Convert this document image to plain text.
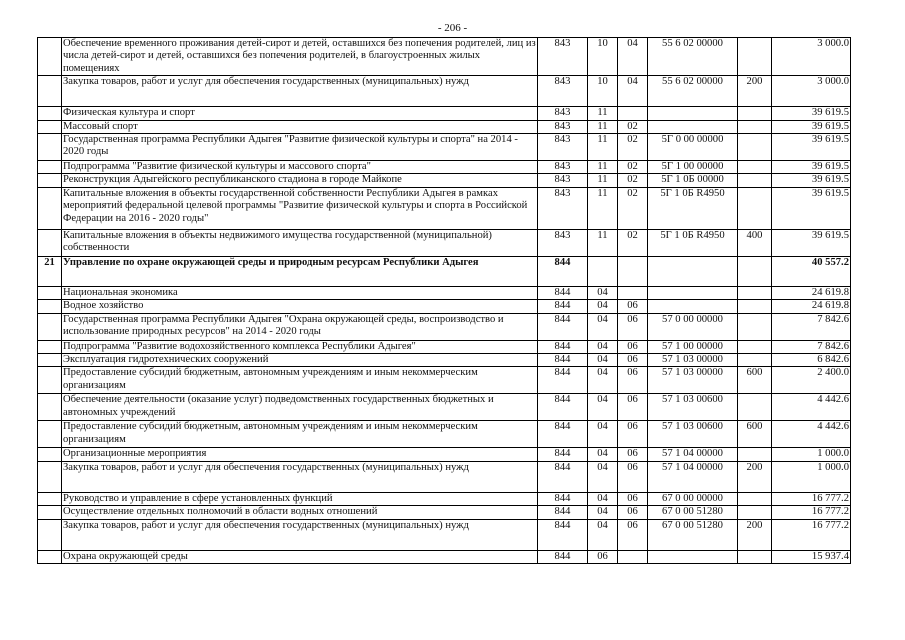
- 206 -
	Обеспечение временного проживания детей-сирот и детей, оставшихся без попечения родителей, лиц из числа детей-сирот и детей, оставшихся без попечения родителей, в благоустроенных жилых помещениях	843	10	04	55 6 02 00000		3 000.0
	Закупка товаров, работ и услуг для обеспечения государственных (муниципальных) нужд	843	10	04	55 6 02 00000	200	3 000.0
	Физическая культура и спорт	843	11				39 619.5
	Массовый спорт	843	11	02			39 619.5
	Государственная программа Республики Адыгея "Развитие физической культуры и спорта" на 2014 - 2020 годы	843	11	02	5Г 0 00 00000		39 619.5
	Подпрограмма "Развитие физической культуры и массового спорта"	843	11	02	5Г 1 00 00000		39 619.5
	Реконструкция Адыгейского республиканского стадиона в городе Майкопе	843	11	02	5Г 1 0Б 00000		39 619.5
	Капитальные вложения в объекты государственной собственности Республики Адыгея в рамках мероприятий федеральной целевой программы "Развитие физической культуры и спорта в Российской Федерации на 2016 - 2020 годы"	843	11	02	5Г 1 0Б R4950		39 619.5
	Капитальные вложения в объекты недвижимого имущества государственной (муниципальной) собственности	843	11	02	5Г 1 0Б R4950	400	39 619.5
21	Управление по охране окружающей среды и природным ресурсам Республики Адыгея	844					40 557.2
	Национальная экономика	844	04				24 619.8
	Водное хозяйство	844	04	06			24 619.8
	Государственная программа Республики Адыгея "Охрана окружающей среды, воспроизводство и использование природных ресурсов" на 2014 - 2020 годы	844	04	06	57 0 00 00000		7 842.6
	Подпрограмма "Развитие водохозяйственного комплекса Республики Адыгея"	844	04	06	57 1 00 00000		7 842.6
	Эксплуатация гидротехнических сооружений	844	04	06	57 1 03 00000		6 842.6
	Предоставление субсидий бюджетным, автономным учреждениям и иным некоммерческим организациям	844	04	06	57 1 03 00000	600	2 400.0
	Обеспечение деятельности (оказание услуг) подведомственных государственных бюджетных и автономных учреждений	844	04	06	57 1 03 00600		4 442.6
	Предоставление субсидий бюджетным, автономным учреждениям и иным некоммерческим организациям	844	04	06	57 1 03 00600	600	4 442.6
	Организационные мероприятия	844	04	06	57 1 04 00000		1 000.0
	Закупка товаров, работ и услуг для обеспечения государственных (муниципальных) нужд	844	04	06	57 1 04 00000	200	1 000.0
	Руководство и управление в сфере установленных функций	844	04	06	67 0 00 00000		16 777.2
	Осуществление отдельных полномочий в области водных отношений	844	04	06	67 0 00 51280		16 777.2
	Закупка товаров, работ и услуг для обеспечения государственных (муниципальных) нужд	844	04	06	67 0 00 51280	200	16 777.2
	Охрана окружающей среды	844	06				15 937.4
